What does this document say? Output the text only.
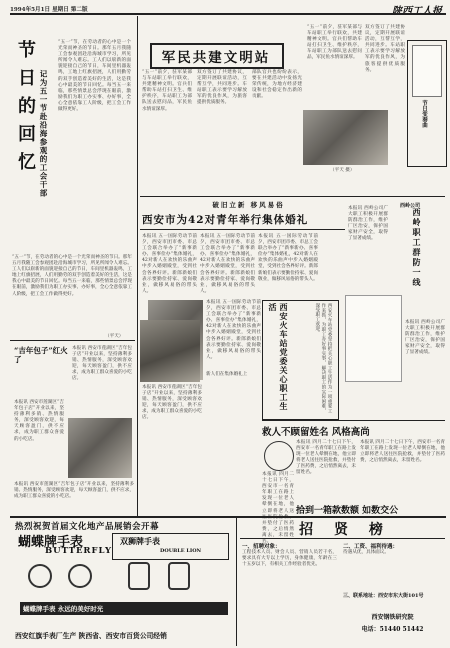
1994年5月1日 星期日 第二版	陕西工人报
节日的回忆 记为五一节赴沿海参观的工会干部
“五一”节，在劳动者的心中是一个光荣而神圣的节日。那年五月我随工会参观团赴沿海城市学习，所见所闻令人难忘。工人们以崭新的面貌迎接自己的节日，车间里机器轰鸣，工地上红旗招展，人们用勤劳的双手创造着美好的生活，这是我心中最美的节日回忆。每当五一来临，那些情景总会浮现在眼前，激励我们为职工办实事、办好事，全心全意依靠工人阶级，把工会工作做得更好。
（平天）
“五一”节，在劳动者的心中是一个光荣而神圣的节日。那年五月我随工会参观团赴沿海城市学习，所见所闻令人难忘。工人们以崭新的面貌迎接自己的节日，车间里机器轰鸣，工地上红旗招展，人们用勤劳的双手创造着美好的生活，这是我心中最美的节日回忆。每当五一来临，那些情景总会浮现在眼前，激励我们为职工办实事、办好事，全心全意依靠工人阶级，把工会工作做得更好。
“吉年包子”红火了
本报讯 西安市莲湖区“吉年包子店”开业以来，坚持薄利多销、热情服务，深受顾客欢迎，每天顾客盈门，供不应求，成为职工群众喜爱的小吃店。
本报讯 西安市莲湖区“吉年包子店”开业以来，坚持薄利多销、热情服务，深受顾客欢迎，每天顾客盈门，供不应求，成为职工群众喜爱的小吃店。
本报讯 西安市莲湖区“吉年包子店”开业以来，坚持薄利多销、热情服务，深受顾客欢迎，每天顾客盈门，供不应求，成为职工群众喜爱的小吃店。
军民共建文明站
“五一”前夕，驻军某部与车站职工举行联欢，共建精神文明。官兵们帮助车站打扫卫生、维护秩序，车站职工为部队送去慰问品，军民鱼水情谊深厚。
双方签订了共建协议，定期开展联谊活动，互帮互学，共同进步。车站职工表示要学习解放军的优良作风，为旅客提供优质服务。
部队官兵也纷纷表示，要在共建活动中发扬光荣传统，为地方经济建设和社会稳定作出新的贡献。
“五一”前夕，驻军某部与车站职工举行联欢，共建精神文明。官兵们帮助车站打扫卫生、维护秩序，车站职工为部队送去慰问品，军民鱼水情谊深厚。
（平天 摄）
双方签订了共建协议，定期开展联谊活动，互帮互学，共同进步。车站职工表示要学习解放军的优良作风，为旅客提供优质服务。
节日变奏曲
破旧立新 移风易俗
西安市为42对青年举行集体婚礼
本报讯 五一国际劳动节前夕，西安市团市委、市总工会联合举办了“新事新办、喜事俭办”集体婚礼，42对新人在欢快的乐曲声中步入婚姻殿堂，受到社会各界好评。新郎新娘们表示要勤俭持家、爱岗敬业，做移风易俗的带头人。
本报讯 五一国际劳动节前夕，西安市团市委、市总工会联合举办了“新事新办、喜事俭办”集体婚礼，42对新人在欢快的乐曲声中步入婚姻殿堂，受到社会各界好评。新郎新娘们表示要勤俭持家、爱岗敬业，做移风易俗的带头人。
本报讯 五一国际劳动节前夕，西安市团市委、市总工会联合举办了“新事新办、喜事俭办”集体婚礼，42对新人在欢快的乐曲声中步入婚姻殿堂，受到社会各界好评。新郎新娘们表示要勤俭持家、爱岗敬业，做移风易俗的带头人。
新人们在集体婚礼上
本报讯 五一国际劳动节前夕，西安市团市委、市总工会联合举办了“新事新办、喜事俭办”集体婚礼，42对新人在欢快的乐曲声中步入婚姻殿堂，受到社会各界好评。新郎新娘们表示要勤俭持家、爱岗敬业，做移风易俗的带头人。
本报讯 西安市莲湖区“吉年包子店”开业以来，坚持薄利多销、热情服务，深受顾客欢迎，每天顾客盈门，供不应求，成为职工群众喜爱的小吃店。
西安火车站党委关心职工生活	西安火车站党委坚持把关心职工生活作为一项重要工作来抓，为职工办好事实事，解决职工的实际困难，深受职工欢迎。
本报讯 西岭公司广大职工积极开展群防群治工作，维护厂区治安，保护国家财产安全，取得了显著成绩。
西岭公司
西岭职工群防一线
本报讯 西岭公司广大职工积极开展群防群治工作，维护厂区治安，保护国家财产安全，取得了显著成绩。
救人不顾留姓名 风格高尚
本报讯 四月二十七日下午，西安市一名青年职工在路上发现一位老人晕倒在地，他立即将老人送往医院抢救，并垫付了医药费，之后悄然离去，未留姓名。
本报讯 四月二十七日下午，西安市一名青年职工在路上发现一位老人晕倒在地，他立即将老人送往医院抢救，并垫付了医药费，之后悄然离去，未留姓名。
本报讯 四月二十七日下午，西安市一名青年职工在路上发现一位老人晕倒在地，他立即将老人送往医院抢救，并垫付了医药费，之后悄然离去，未留姓名。
拾到一箱款数额 如数交公
热烈祝贺首届文化地产品展销会开幕
蝴蝶牌手表
BUTTERFLY
双狮牌手表
DOUBLE LION
蝴蝶牌手表 永远的美好时光
西安红旗手表厂生产 陕西省、西安市百货公司经销
招 贤 榜
一、招聘对象：
工程技术人员、财会人员、营销人员若干名，要求具有大专以上学历，身体健康，年龄在三十五岁以下，有相关工作经验者优先。
二、工资、福利待遇：
待遇从优，具体面议。
三、联系地址：西安市东大街101号
西安钢铁研究院
电话：51440 51442
